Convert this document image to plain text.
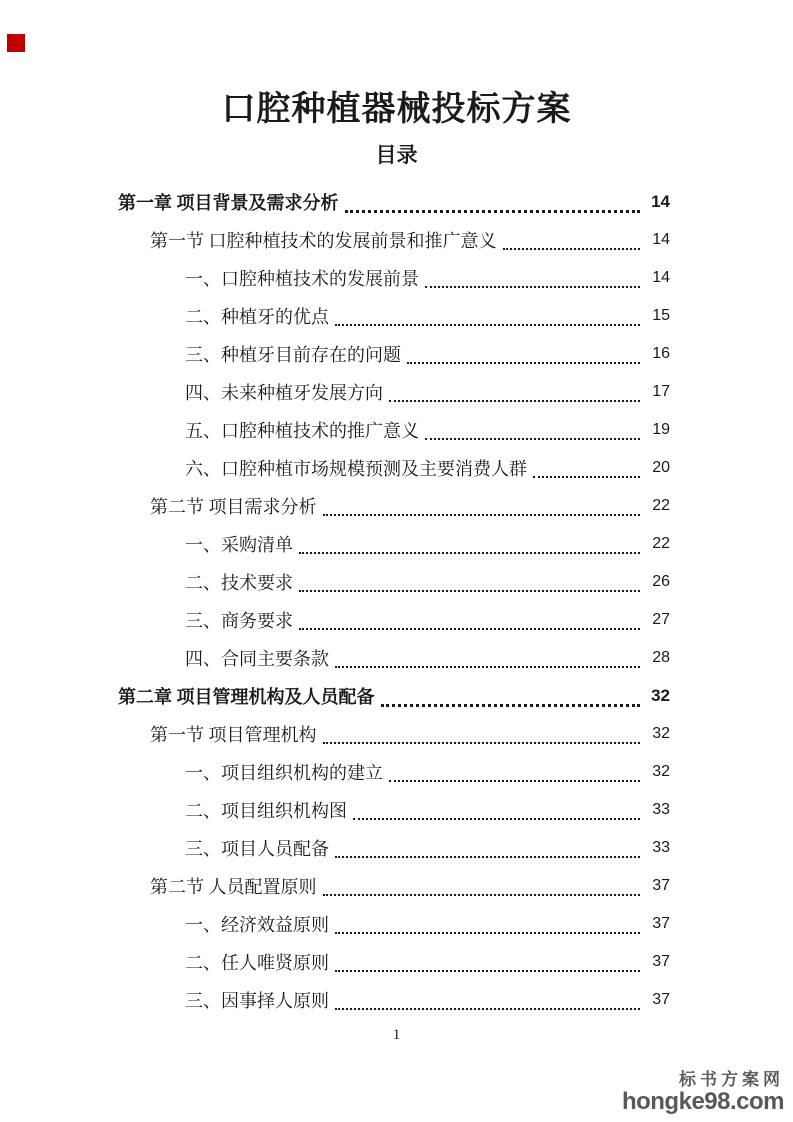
口腔种植器械投标方案
目录
第一章 项目背景及需求分析	14
第一节 口腔种植技术的发展前景和推广意义	14
一、口腔种植技术的发展前景	14
二、种植牙的优点	15
三、种植牙目前存在的问题	16
四、未来种植牙发展方向	17
五、口腔种植技术的推广意义	19
六、口腔种植市场规模预测及主要消费人群	20
第二节 项目需求分析	22
一、采购清单	22
二、技术要求	26
三、商务要求	27
四、合同主要条款	28
第二章 项目管理机构及人员配备	32
第一节 项目管理机构	32
一、项目组织机构的建立	32
二、项目组织机构图	33
三、项目人员配备	33
第二节 人员配置原则	37
一、经济效益原则	37
二、任人唯贤原则	37
三、因事择人原则	37
1
标书方案网
hongke98.com
